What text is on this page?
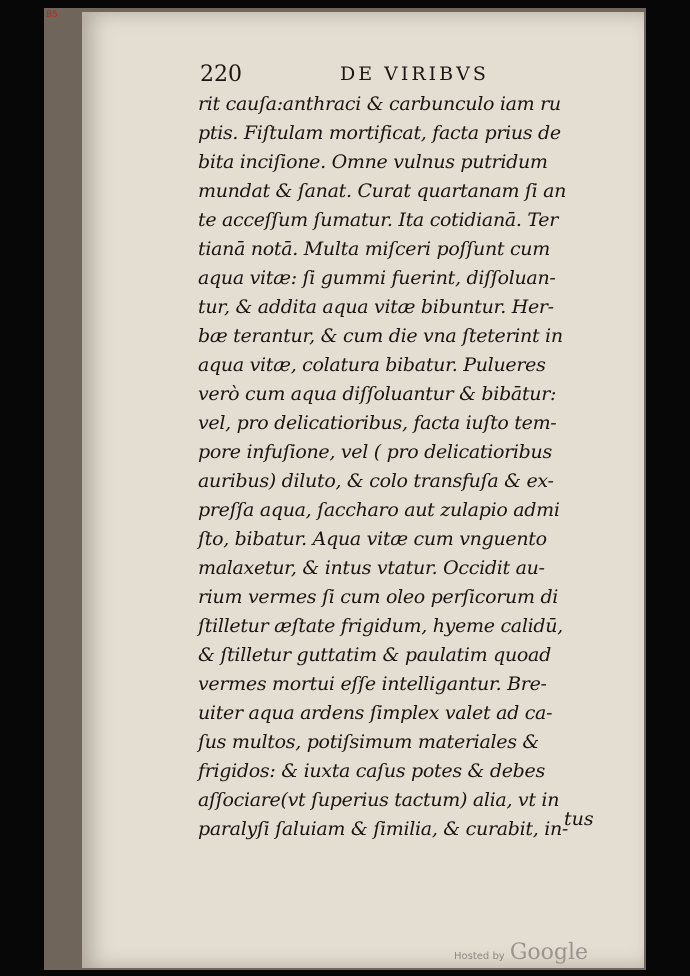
B5
220	DE VIRIBVS
rit cauſa:anthraci & carbunculo iam ru
ptis. Fiſtulam mortificat, facta prius de
bita inciſione. Omne vulnus putridum
mundat & ſanat. Curat quartanam ſi an
te acceſſum ſumatur. Ita cotidianā. Ter
tianā notā. Multa miſceri poſſunt cum
aqua vitæ: ſi gummi fuerint, diſſoluan-
tur, & addita aqua vitæ bibuntur. Her-
bæ terantur, & cum die vna ſteterint in
aqua vitæ, colatura bibatur. Pulueres
verò cum aqua diſſoluantur & bibātur:
vel, pro delicatioribus, facta iuſto tem-
pore infuſione, vel ( pro delicatioribus
auribus) diluto, & colo transfuſa & ex-
preſſa aqua, ſaccharo aut zulapio admi
ſto, bibatur. Aqua vitæ cum vnguento
malaxetur, & intus vtatur. Occidit au-
rium vermes ſi cum oleo perſicorum di
ſtilletur æſtate frigidum, hyeme calidū,
& ſtilletur guttatim & paulatim quoad
vermes mortui eſſe intelligantur. Bre-
uiter aqua ardens ſimplex valet ad ca-
ſus multos, potiſsimum materiales &
frigidos: & iuxta caſus potes & debes
aſſociare(vt ſuperius tactum) alia, vt in
paralyſi ſaluiam & ſimilia, & curabit, in-
tus
Hosted by Google
